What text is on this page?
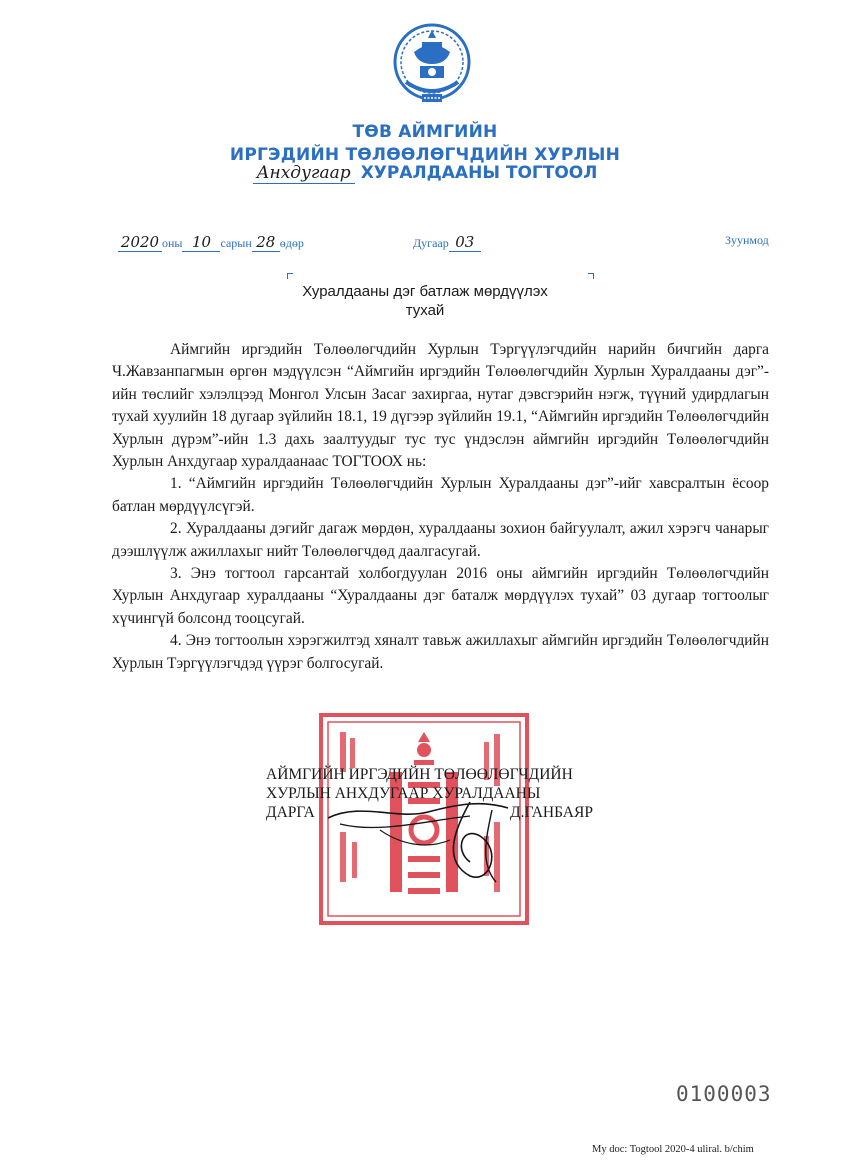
ТӨВ АЙМГИЙН
ИРГЭДИЙН ТӨЛӨӨЛӨГЧДИЙН ХУРЛЫН
Анхдугаар ХУРАЛДААНЫ ТОГТООЛ
2020 оны 10 сарын 28 өдөр	Дугаар 03	Зуунмод
Хуралдааны дэг батлаж мөрдүүлэх
тухай

Аймгийн иргэдийн Төлөөлөгчдийн Хурлын Тэргүүлэгчдийн нарийн бичгийн дарга Ч.Жавзанпагмын өргөн мэдүүлсэн “Аймгийн иргэдийн Төлөөлөгчдийн Хурлын Хуралдааны дэг”-ийн төслийг хэлэлцээд Монгол Улсын Засаг захиргаа, нутаг дэвсгэрийн нэгж, түүний удирдлагын тухай хуулийн 18 дугаар зүйлийн 18.1, 19 дүгээр зүйлийн 19.1, “Аймгийн иргэдийн Төлөөлөгчдийн Хурлын дүрэм”-ийн 1.3 дахь заалтуудыг тус тус үндэслэн аймгийн иргэдийн Төлөөлөгчдийн Хурлын Анхдугаар хуралдаанаас ТОГТООХ нь:

1. “Аймгийн иргэдийн Төлөөлөгчдийн Хурлын Хуралдааны дэг”-ийг хавсралтын ёсоор батлан мөрдүүлсүгэй.

2. Хуралдааны дэгийг дагаж мөрдөн, хуралдааны зохион байгуулалт, ажил хэрэгч чанарыг дээшлүүлж ажиллахыг нийт Төлөөлөгчдөд даалгасугай.

3. Энэ тогтоол гарсантай холбогдуулан 2016 оны аймгийн иргэдийн Төлөөлөгчдийн Хурлын Анхдугаар хуралдааны “Хуралдааны дэг баталж мөрдүүлэх тухай” 03 дугаар тогтоолыг хүчингүй болсонд тооцсугай.

4. Энэ тогтоолын хэрэгжилтэд хяналт тавьж ажиллахыг аймгийн иргэдийн Төлөөлөгчдийн Хурлын Тэргүүлэгчдэд үүрэг болгосугай.

АЙМГИЙН ИРГЭДИЙН ТӨЛӨӨЛӨГЧДИЙН
ХУРЛЫН АНХДУГААР ХУРАЛДААНЫ
ДАРГА	Д.ГАНБАЯР
0100003
My doc: Togtool 2020-4 uliral. b/chim
